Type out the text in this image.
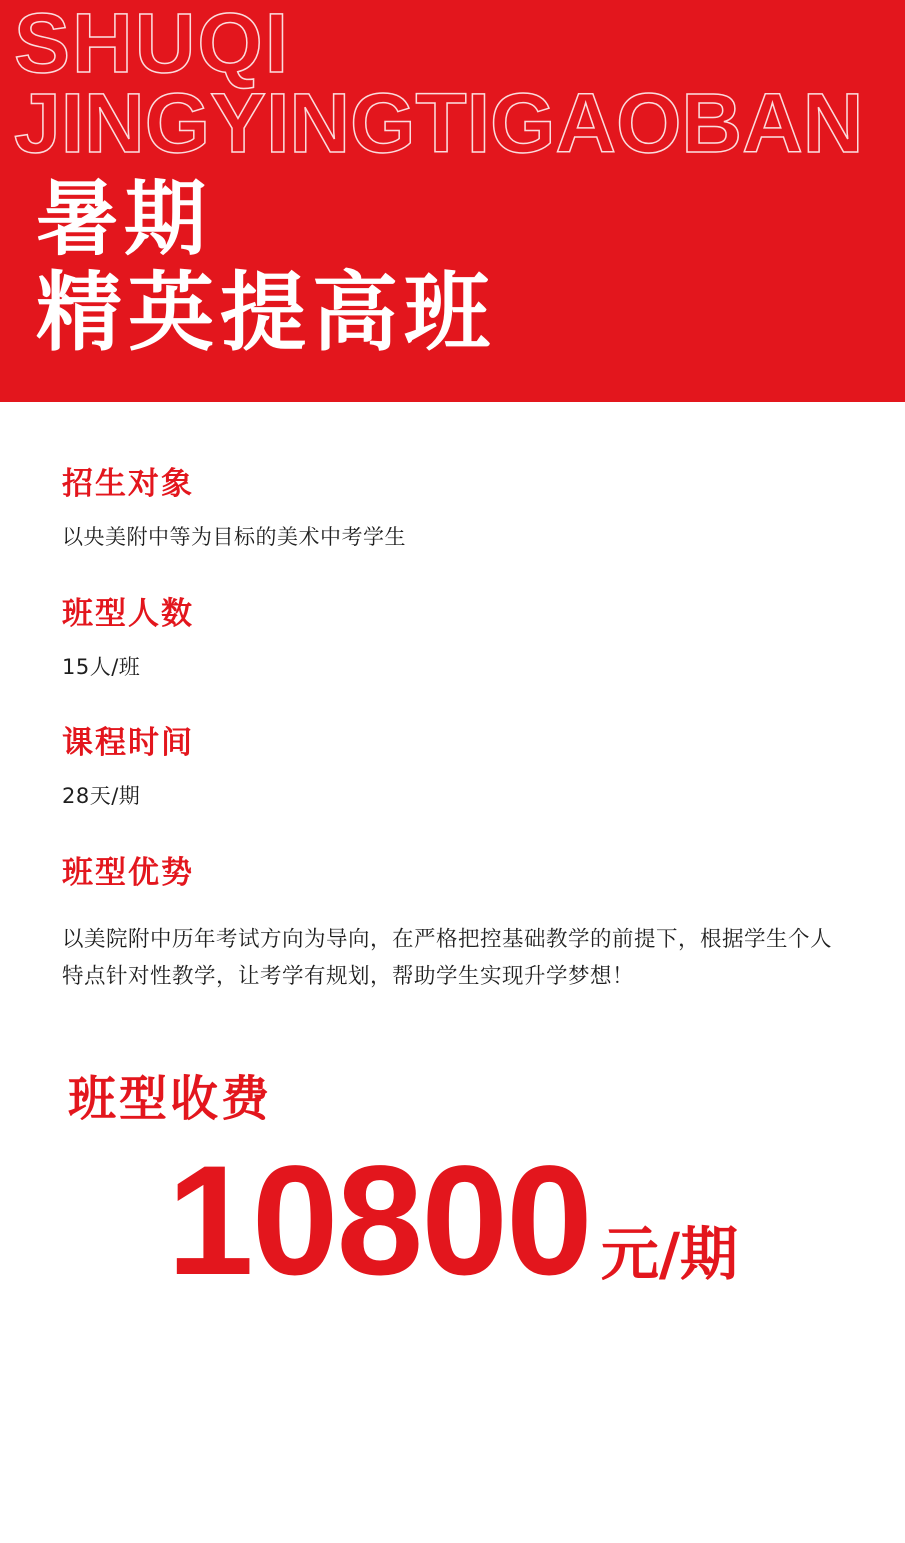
SHUQI
JINGYINGTIGAOBAN
暑期
精英提高班
招生对象

以央美附中等为目标的美术中考学生

班型人数

15人/班

课程时间

28天/期

班型优势

以美院附中历年考试方向为导向，在严格把控基础教学的前提下，根据学生个人特点针对性教学，让考学有规划，帮助学生实现升学梦想！

班型收费
10800 元/期
